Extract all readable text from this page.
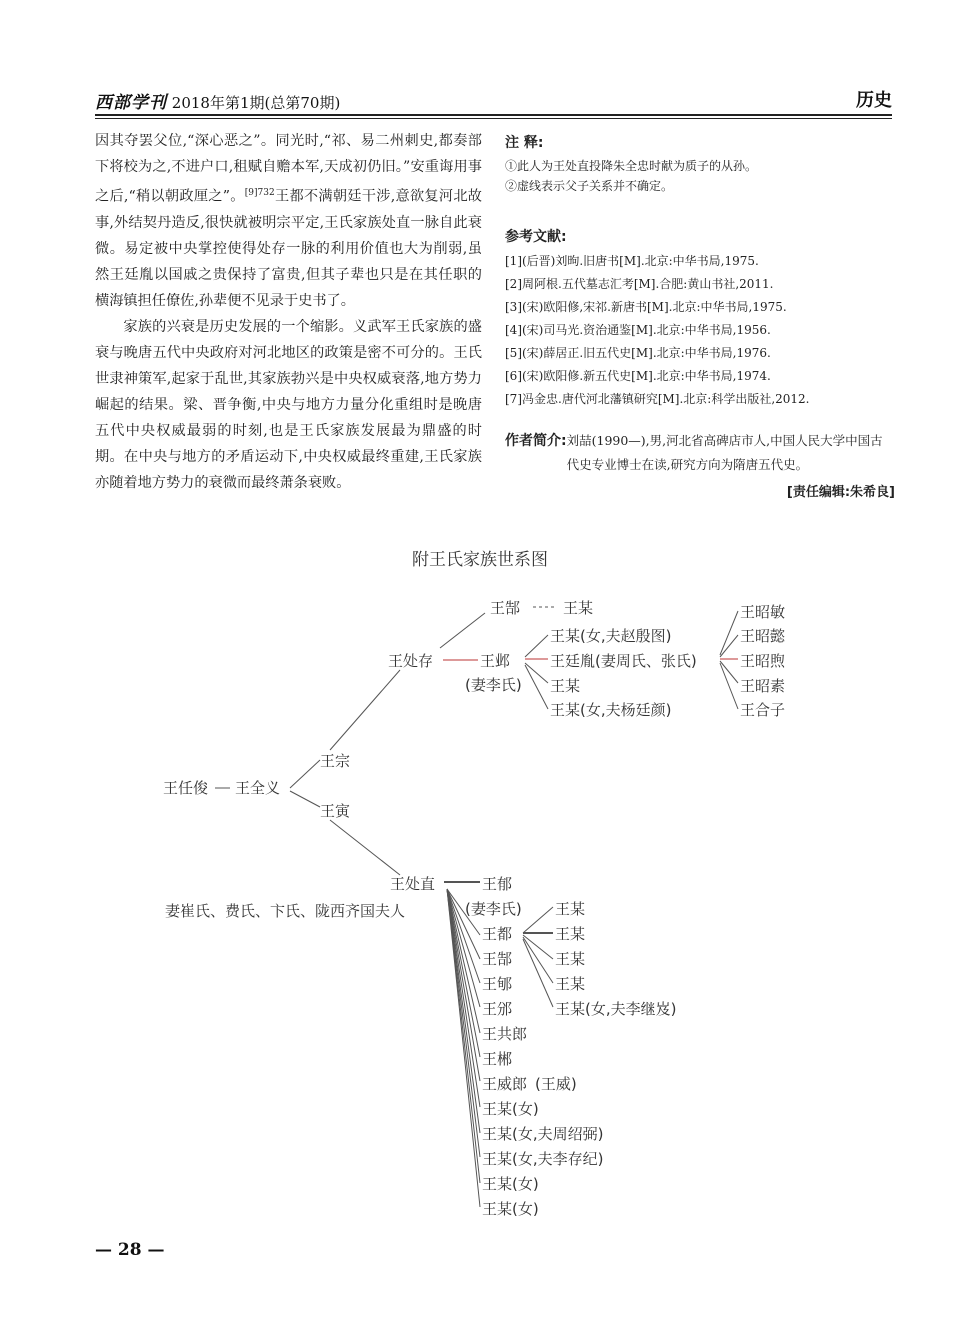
西部学刊 2018年第1期(总第70期)	历史

因其夺罢父位,“深心恶之”。同光时,“祁、易二州刺史,都奏部下将校为之,不进户口,租赋自赡本军,天成初仍旧。”安重诲用事之后,“稍以朝政厘之”。$^{[9]732}$王都不满朝廷干涉,意欲复河北故事,外结契丹造反,很快就被明宗平定,王氏家族处直一脉自此衰微。易定被中央掌控使得处存一脉的利用价值也大为削弱,虽然王廷胤以国戚之贵保持了富贵,但其子辈也只是在其任职的横海镇担任僚佐,孙辈便不见录于史书了。

家族的兴衰是历史发展的一个缩影。义武军王氏家族的盛衰与晚唐五代中央政府对河北地区的政策是密不可分的。王氏世隶神策军,起家于乱世,其家族勃兴是中央权威衰落,地方势力崛起的结果。梁、晋争衡,中央与地方力量分化重组时是晚唐五代中央权威最弱的时刻,也是王氏家族发展最为鼎盛的时期。在中央与地方的矛盾运动下,中央权威最终重建,王氏家族亦随着地方势力的衰微而最终萧条衰败。

注 释:
①此人为王处直投降朱全忠时献为质子的从孙。
②虚线表示父子关系并不确定。
参考文献:
[1](后晋)刘昫.旧唐书[M].北京:中华书局,1975.
[2]周阿根.五代墓志汇考[M].合肥:黄山书社,2011.
[3](宋)欧阳修,宋祁.新唐书[M].北京:中华书局,1975.
[4](宋)司马光.资治通鉴[M].北京:中华书局,1956.
[5](宋)薛居正.旧五代史[M].北京:中华书局,1976.
[6](宋)欧阳修.新五代史[M].北京:中华书局,1974.
[7]冯金忠.唐代河北藩镇研究[M].北京:科学出版社,2012.
作者简介: 刘喆(1990—),男,河北省高碑店市人,中国人民大学中国古代史专业博士在读,研究方向为隋唐五代史。
[责任编辑:朱希良]
附王氏家族世系图
王任俊 王全义
王宗
王寅
王处存
王郜	王某
王邺
(妻李氏)
王某(女,夫赵殷图)
王廷胤(妻周氏、张氏)
王某
王某(女,夫杨廷颜)
王昭敏
王昭懿
王昭煦
王昭素
王合子
王处直
妻崔氏、费氏、卞氏、陇西齐国夫人
王郁
(妻李氏)
王都
王郜
王郇
王邠
王共郎
王郴
王威郎 (王威)
王某(女)
王某(女,夫周绍弼)
王某(女,夫李存纪)
王某(女)
王某(女)
王某
王某
王某
王某
王某(女,夫李继岌)
— 28 —
